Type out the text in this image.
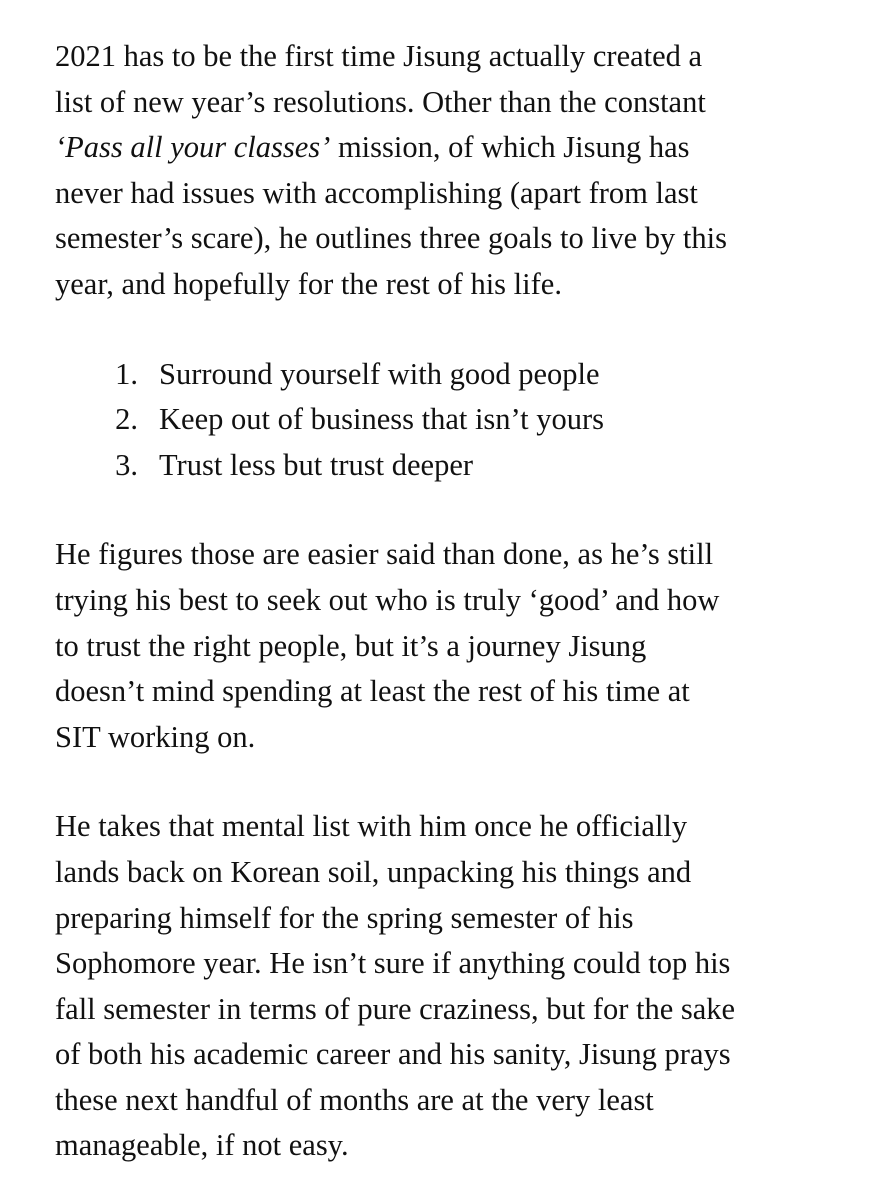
2021 has to be the first time Jisung actually created a
list of new year’s resolutions. Other than the constant
‘Pass all your classes’ mission, of which Jisung has
never had issues with accomplishing (apart from last
semester’s scare), he outlines three goals to live by this
year, and hopefully for the rest of his life.

1. Surround yourself with good people
2. Keep out of business that isn’t yours
3. Trust less but trust deeper

He figures those are easier said than done, as he’s still
trying his best to seek out who is truly ‘good’ and how
to trust the right people, but it’s a journey Jisung
doesn’t mind spending at least the rest of his time at
SIT working on.

He takes that mental list with him once he officially
lands back on Korean soil, unpacking his things and
preparing himself for the spring semester of his
Sophomore year. He isn’t sure if anything could top his
fall semester in terms of pure craziness, but for the sake
of both his academic career and his sanity, Jisung prays
these next handful of months are at the very least
manageable, if not easy.
